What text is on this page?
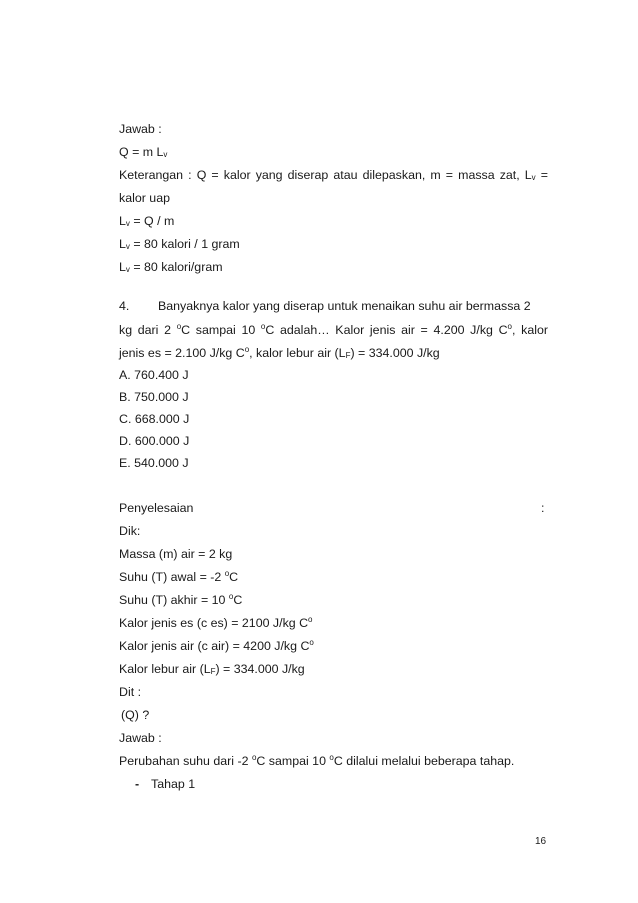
Jawab :
Q = m $L_v$
Keterangan : Q = kalor yang diserap atau dilepaskan, m = massa zat, $L_v$ =
kalor uap
$L_v = Q / m$
$L_v = 80$ kalori / 1 gram
$L_v = 80$ kalori/gram
4. Banyaknya kalor yang diserap untuk menaikan suhu air bermassa 2
kg dari 2 $^o$C sampai 10 $^o$C adalah… Kalor jenis air = 4.200 J/kg $C^o$, kalor
jenis es = 2.100 J/kg $C^o$, kalor lebur air $(L_F) = 334.000$ J/kg
A. 760.400 J
B. 750.000 J
C. 668.000 J
D. 600.000 J
E. 540.000 J
Penyelesaian	:
Dik:
Massa (m) air = 2 kg
Suhu (T) awal = -2 $^o$C
Suhu (T) akhir = 10 $^o$C
Kalor jenis es (c es) = 2100 J/kg $C^o$
Kalor jenis air (c air) = 4200 J/kg $C^o$
Kalor lebur air $(L_F) = 334.000$ J/kg
Dit :
(Q) ?
Jawab :
Perubahan suhu dari -2 $^o$C sampai 10 $^o$C dilalui melalui beberapa tahap.
- Tahap 1
16
